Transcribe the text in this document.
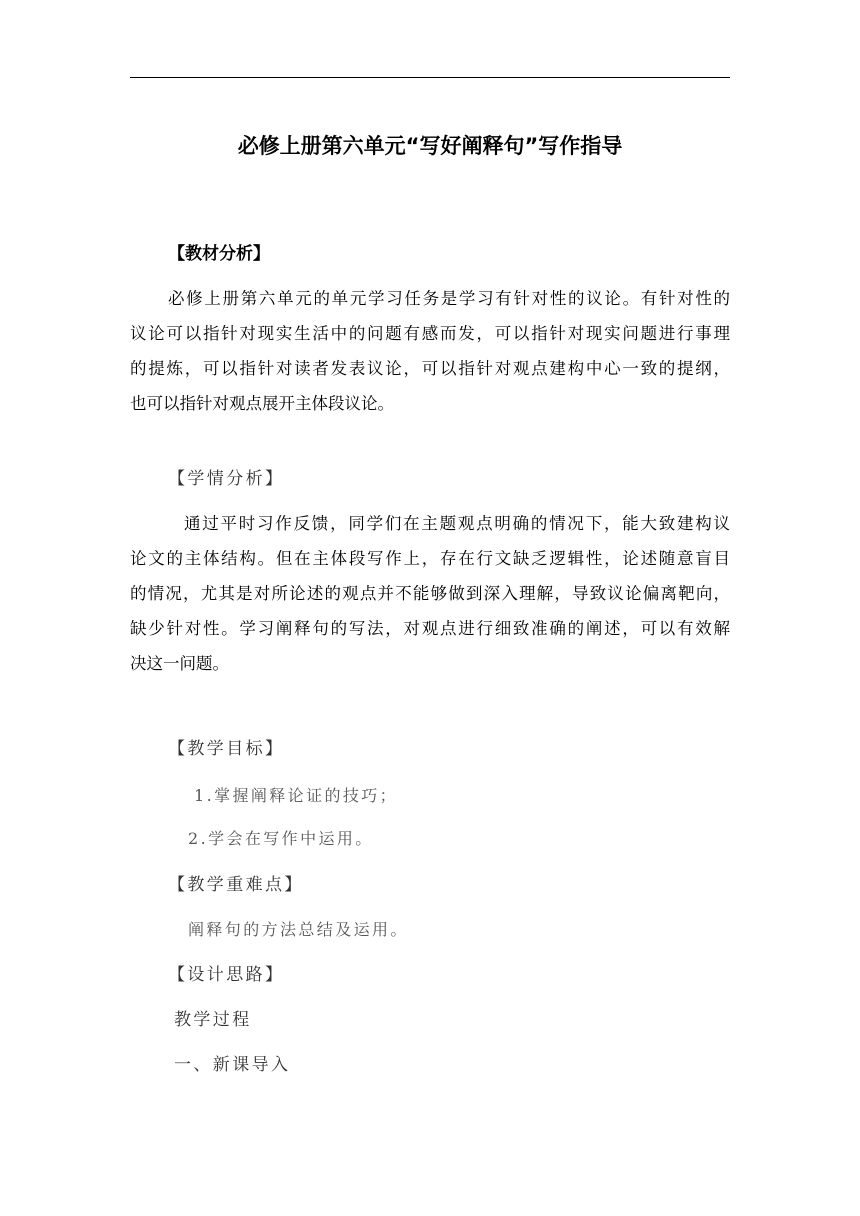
必修上册第六单元“写好阐释句”写作指导
【教材分析】
必修上册第六单元的单元学习任务是学习有针对性的议论。有针对性的
议论可以指针对现实生活中的问题有感而发，可以指针对现实问题进行事理
的提炼，可以指针对读者发表议论，可以指针对观点建构中心一致的提纲，
也可以指针对观点展开主体段议论。
【学情分析】
通过平时习作反馈，同学们在主题观点明确的情况下，能大致建构议
论文的主体结构。但在主体段写作上，存在行文缺乏逻辑性，论述随意盲目
的情况，尤其是对所论述的观点并不能够做到深入理解，导致议论偏离靶向，
缺少针对性。学习阐释句的写法，对观点进行细致准确的阐述，可以有效解
决这一问题。
【教学目标】
1.掌握阐释论证的技巧；
2.学会在写作中运用。
【教学重难点】
阐释句的方法总结及运用。
【设计思路】
教学过程
一、新课导入
